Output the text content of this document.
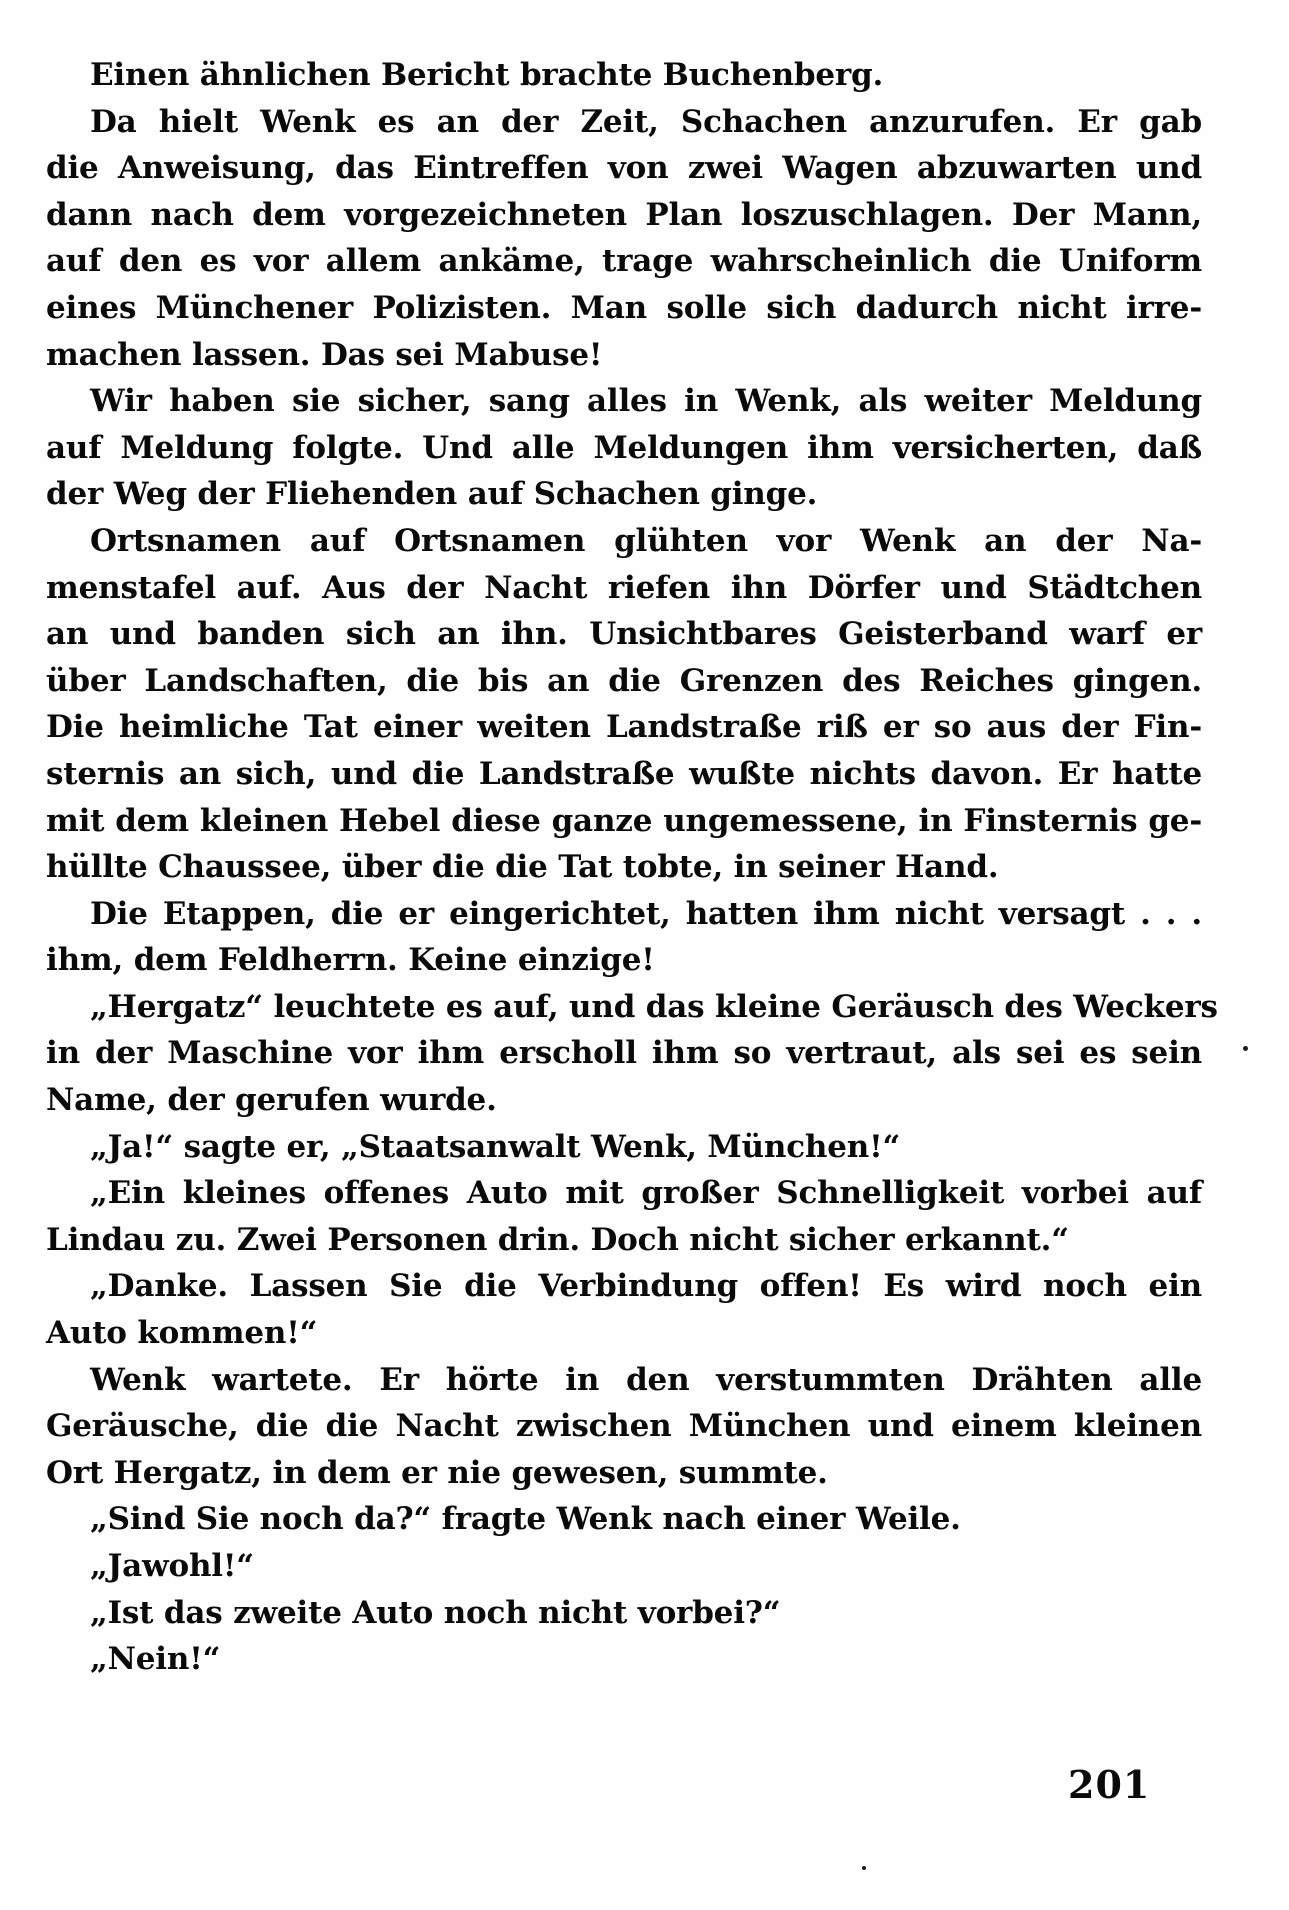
Einen ähnlichen Bericht brachte Buchenberg.
Da hielt Wenk es an der Zeit, Schachen anzurufen. Er gab
die Anweisung, das Eintreffen von zwei Wagen abzuwarten und
dann nach dem vorgezeichneten Plan loszuschlagen. Der Mann,
auf den es vor allem ankäme, trage wahrscheinlich die Uniform
eines Münchener Polizisten. Man solle sich dadurch nicht irre-
machen lassen. Das sei Mabuse!
Wir haben sie sicher, sang alles in Wenk, als weiter Meldung
auf Meldung folgte. Und alle Meldungen ihm versicherten, daß
der Weg der Fliehenden auf Schachen ginge.
Ortsnamen auf Ortsnamen glühten vor Wenk an der Na-
menstafel auf. Aus der Nacht riefen ihn Dörfer und Städtchen
an und banden sich an ihn. Unsichtbares Geisterband warf er
über Landschaften, die bis an die Grenzen des Reiches gingen.
Die heimliche Tat einer weiten Landstraße riß er so aus der Fin-
sternis an sich, und die Landstraße wußte nichts davon. Er hatte
mit dem kleinen Hebel diese ganze ungemessene, in Finsternis ge-
hüllte Chaussee, über die die Tat tobte, in seiner Hand.
Die Etappen, die er eingerichtet, hatten ihm nicht versagt . . .
ihm, dem Feldherrn. Keine einzige!
„Hergatz“ leuchtete es auf, und das kleine Geräusch des Weckers
in der Maschine vor ihm erscholl ihm so vertraut, als sei es sein
Name, der gerufen wurde.
„Ja!“ sagte er, „Staatsanwalt Wenk, München!“
„Ein kleines offenes Auto mit großer Schnelligkeit vorbei auf
Lindau zu. Zwei Personen drin. Doch nicht sicher erkannt.“
„Danke. Lassen Sie die Verbindung offen! Es wird noch ein
Auto kommen!“
Wenk wartete. Er hörte in den verstummten Drähten alle
Geräusche, die die Nacht zwischen München und einem kleinen
Ort Hergatz, in dem er nie gewesen, summte.
„Sind Sie noch da?“ fragte Wenk nach einer Weile.
„Jawohl!“
„Ist das zweite Auto noch nicht vorbei?“
„Nein!“
201
